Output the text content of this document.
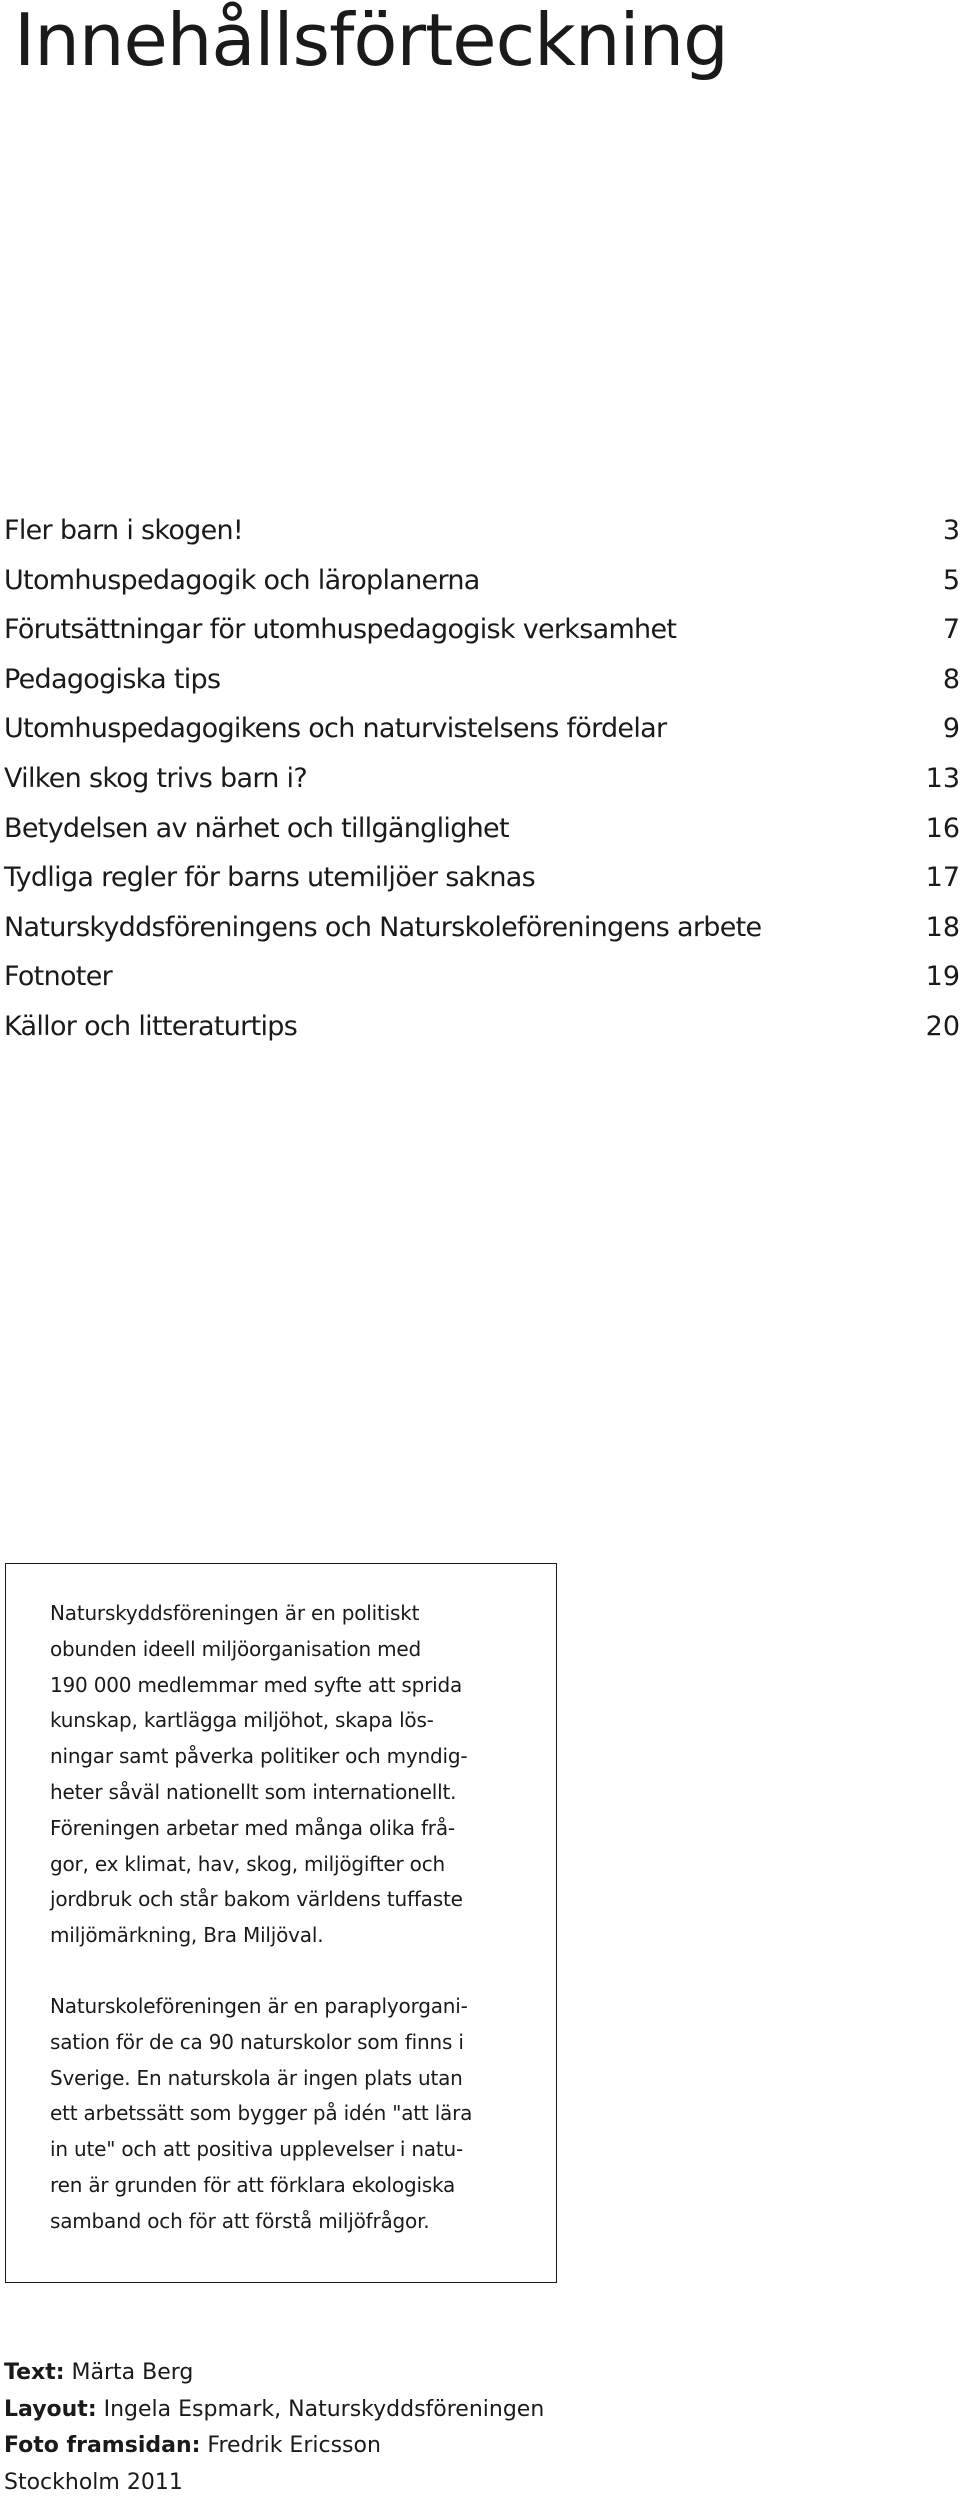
Innehållsförteckning
Fler barn i skogen!	3
Utomhuspedagogik och läroplanerna	5
Förutsättningar för utomhuspedagogisk verksamhet	7
Pedagogiska tips	8
Utomhuspedagogikens och naturvistelsens fördelar	9
Vilken skog trivs barn i?	13
Betydelsen av närhet och tillgänglighet	16
Tydliga regler för barns utemiljöer saknas	17
Naturskyddsföreningens och Naturskoleföreningens arbete	18
Fotnoter	19
Källor och litteraturtips	20

Naturskyddsföreningen är en politiskt

obunden ideell miljöorganisation med

190 000 medlemmar med syfte att sprida

kunskap, kartlägga miljöhot, skapa lös-

ningar samt påverka politiker och myndig-

heter såväl nationellt som internationellt.

Föreningen arbetar med många olika frå-

gor, ex klimat, hav, skog, miljögifter och

jordbruk och står bakom världens tuffaste

miljömärkning, Bra Miljöval.

Naturskoleföreningen är en paraplyorgani-

sation för de ca 90 naturskolor som finns i

Sverige. En naturskola är ingen plats utan

ett arbetssätt som bygger på idén "att lära

in ute" och att positiva upplevelser i natu-

ren är grunden för att förklara ekologiska

samband och för att förstå miljöfrågor.

Text: Märta Berg
Layout: Ingela Espmark, Naturskyddsföreningen
Foto framsidan: Fredrik Ericsson
Stockholm 2011
